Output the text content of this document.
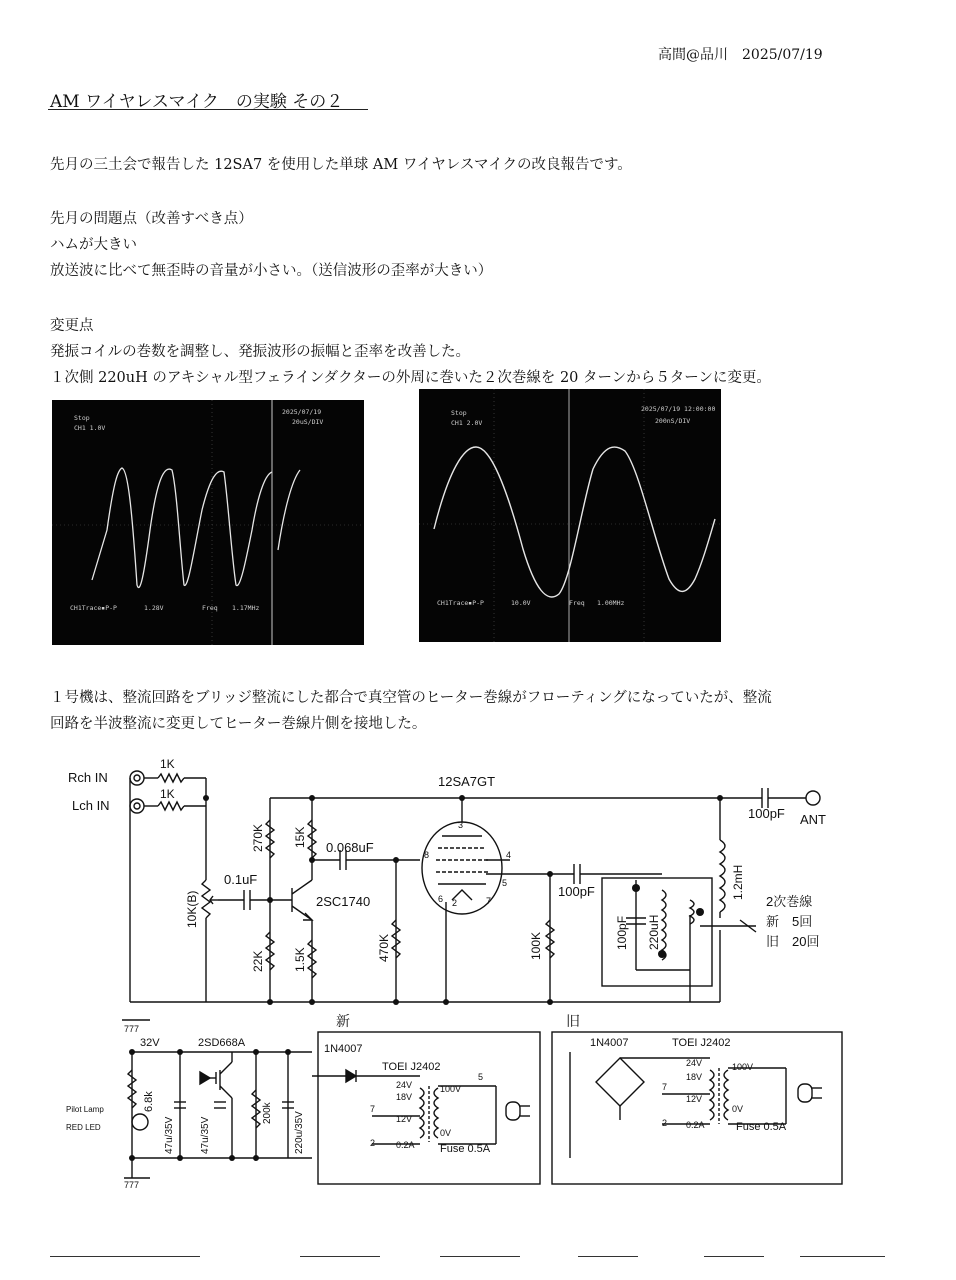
高間@品川　2025/07/19
AM ワイヤレスマイク　の実験 その２
先月の三土会で報告した 12SA7 を使用した単球 AM ワイヤレスマイクの改良報告です。
先月の問題点（改善すべき点）
ハムが大きい
放送波に比べて無歪時の音量が小さい。（送信波形の歪率が大きい）
変更点
発振コイルの巻数を調整し、発振波形の振幅と歪率を改善した。
１次側 220uH のアキシャル型フェラインダクターの外周に巻いた２次巻線を 20 ターンから５ターンに変更。
Stop
CH1 1.0V
2025/07/19
20uS/DIV
CH1Trace▪P-P	1.28V	Freq 1.17MHz
Stop
CH1 2.0V
2025/07/19 12:00:00
200nS/DIV
CH1Trace▪P-P	10.0V	Freq 1.00MHz
１号機は、整流回路をブリッジ整流にした都合で真空管のヒーター巻線がフローティングになっていたが、整流
回路を半波整流に変更してヒーター巻線片側を接地した。
Rch IN
Lch IN
1K
1K
12SA7GT
100pF ANT
270K 15K 0.068uF
0.1uF
2SC1740
10K(B)
22K 1.5K	470K	100K
100pF
100pF 220uH
1.2mH
2次巻線
新　5回
旧　20回
3
8	4
5
6 2	7
777
777
32V	2SD668A
Pilot Lamp
RED LED
6.8k
47u/35V	47u/35V
200k 220u/35V
新	旧
1N4007
TOEI J2402
24V
18V
12V
0.2A
100V
0V
Fuse 0.5A
7
2
5
1N4007	TOEI J2402
24V
18V
12V
0.2A
100V
0V
Fuse 0.5A
7
2
